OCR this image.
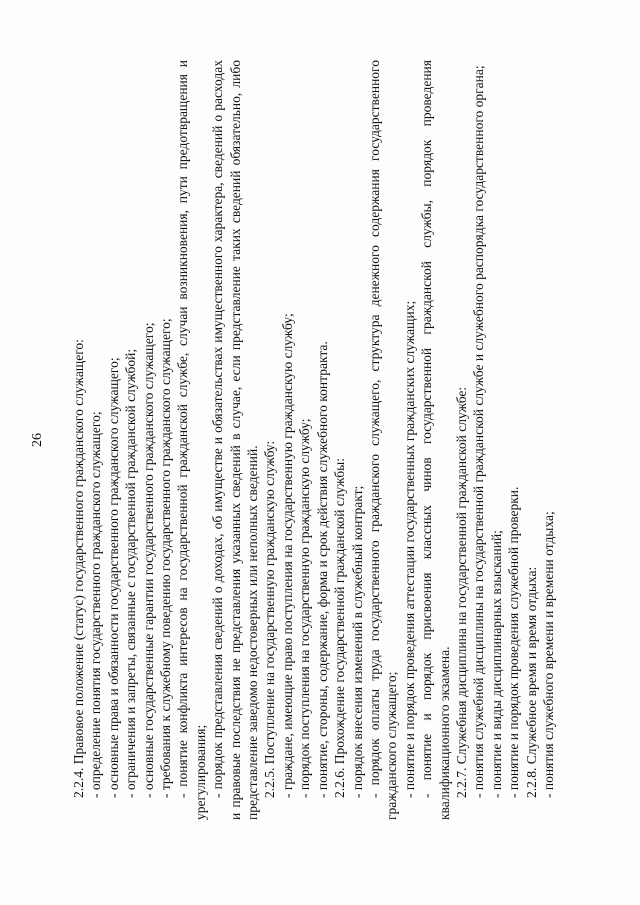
26 2.2.4. Правовое положение (статус) государственного гражданского служащего: - определение понятия государственного гражданского служащего; - основные права и обязанности государственного гражданского служащего; - ограничения и запреты, связанные с государственной гражданской службой; - основные государственные гарантии государственного гражданского служащего; - требования к служебному поведению государственного гражданского служащего; - понятие конфликта интересов на государственной гражданской службе, случаи возникновения, пути предотвращения и урегулирования; - порядок представления сведений о доходах, об имуществе и обязательствах имущественного характера, сведений о расходах и правовые последствия не представления указанных сведений в случае, если представление таких сведений обязательно, либо представление заведомо недостоверных или неполных сведений. 2.2.5. Поступление на государственную гражданскую службу: - граждане, имеющие право поступления на государственную гражданскую службу; - порядок поступления на государственную гражданскую службу; - понятие, стороны, содержание, форма и срок действия служебного контракта. 2.2.6. Прохождение государственной гражданской службы: - порядок внесения изменений в служебный контракт; - порядок оплаты труда государственного гражданского служащего, структура денежного содержания государственного гражданского служащего; - понятие и порядок проведения аттестации государственных гражданских служащих; - понятие и порядок присвоения классных чинов государственной гражданской службы, порядок проведения квалификационного экзамена. 2.2.7. Служебная дисциплина на государственной гражданской службе: - понятия служебной дисциплины на государственной гражданской службе и служебного распорядка государственного органа; - понятие и виды дисциплинарных взысканий; - понятие и порядок проведения служебной проверки. 2.2.8. Служебное время и время отдыха: - понятия служебного времени и времени отдыха;
